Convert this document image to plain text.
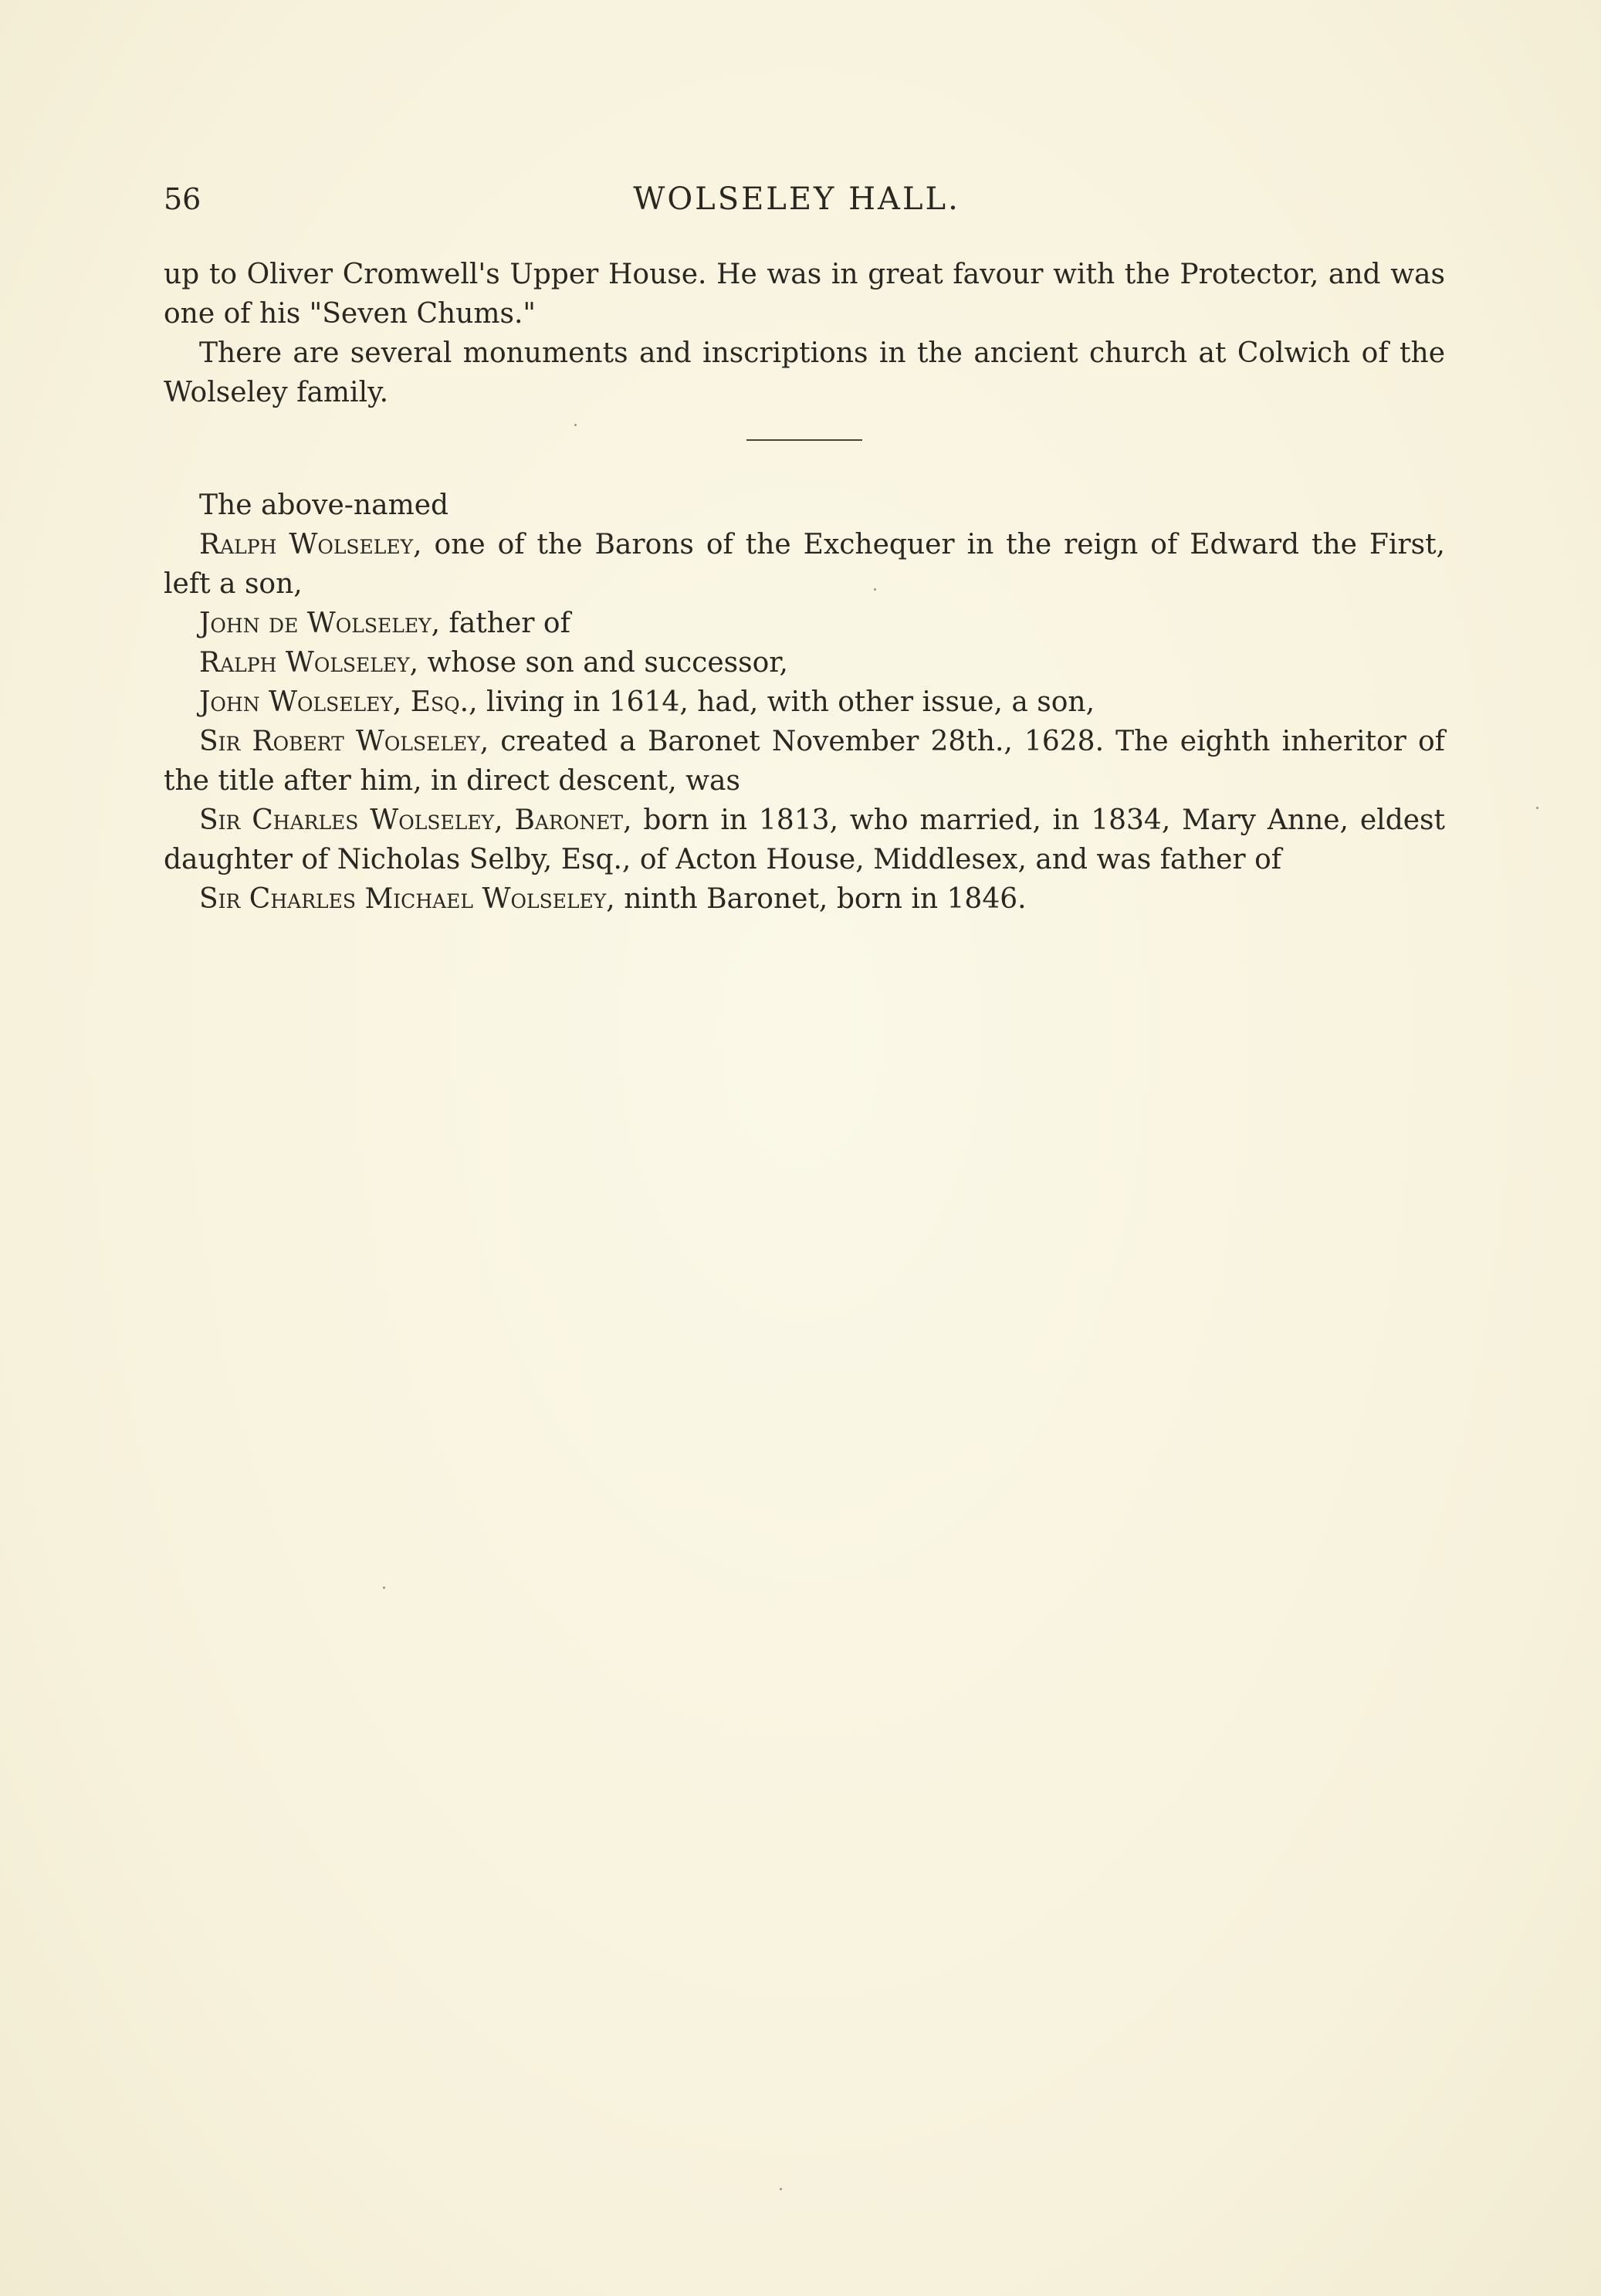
56	WOLSELEY HALL.

up to Oliver Cromwell's Upper House. He was in great favour with the Protector, and was one of his "Seven Chums."

There are several monuments and inscriptions in the ancient church at Colwich of the Wolseley family.

The above-named

Ralph Wolseley, one of the Barons of the Exchequer in the reign of Edward the First, left a son,

John de Wolseley, father of

Ralph Wolseley, whose son and successor,

John Wolseley, Esq., living in 1614, had, with other issue, a son,

Sir Robert Wolseley, created a Baronet November 28th., 1628. The eighth inheritor of the title after him, in direct descent, was

Sir Charles Wolseley, Baronet, born in 1813, who married, in 1834, Mary Anne, eldest daughter of Nicholas Selby, Esq., of Acton House, Middlesex, and was father of

Sir Charles Michael Wolseley, ninth Baronet, born in 1846.
